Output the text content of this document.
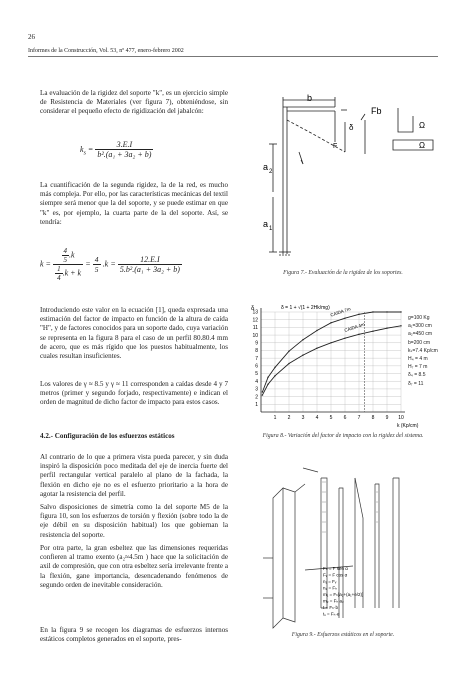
26
Informes de la Construcción, Vol. 53, nº 477, enero-febrero 2002

La evaluación de la rigidez del soporte "k", es un ejercicio simple de Resistencia de Materiales (ver figura 7), obteniéndose, sin considerar el pequeño efecto de rigidización del jabalcón:

$k_s = \frac{3.E.I}{\text{b².(a₁ + 3a₂ + b)}}$

La cuantificación de la segunda rigidez, la de la red, es mucho más compleja. Por ello, por las características mecánicas del textil siempre será menor que la del soporte, y se puede estimar en que "k" es, por ejemplo, la cuarta parte de la del soporte. Así, se tendría:

$k = \frac{\frac{4}{5} .k}{\frac{1}{4} .k + k} = \frac{4}{5} .k = \frac{12.E.I}{\text{5.b².(a₁ + 3a₂ + b)}}$

Introduciendo este valor en la ecuación [1], queda expresada una estimación del factor de impacto en función de la altura de caída "H", y de factores conocidos para un soporte dado, cuya variación se representa en la figura 8 para el caso de un perfil 80.80.4 mm de acero, que es más rígido que los puestos habitualmente, los cuales resultan insuficientes.

Los valores de γ ≈ 8.5 y γ ≈ 11 corresponden a caídas desde 4 y 7 metros (primer y segundo forjado, respectivamente) e indican el orden de magnitud de dicho factor de impacto para estos casos.

4.2.- Configuración de los esfuerzos estáticos

Al contrario de lo que a primera vista pueda parecer, y sin duda inspiró la disposición poco meditada del eje de inercia fuerte del perfil rectangular vertical paralelo al plano de la fachada, la flexión en dicho eje no es el esfuerzo prioritario a la hora de agotar la resistencia del perfil.

Salvo disposiciones de simetría como la del soporte M5 de la figura 10, son los esfuerzos de torsión y flexión (sobre todo la de eje débil en su disposición habitual) los que gobiernan la resistencia del soporte.

Por otra parte, la gran esbeltez que las dimensiones requeridas confieren al tramo exento (a₂≈4.5m ) hace que la solicitación de axil de compresión, que con otra esbeltez sería irrelevante frente a la flexión, gane importancia, desencadenando fenómenos de segundo orden de inevitable consideración.

En la figura 9 se recogen los diagramas de esfuerzos internos estáticos completos generados en el soporte, pres-

b
a 2
a 1
F
δ
Fb
Ω
Ω
Figura 7.- Evaluación de la rigidez de los soportes.
1 2 3 4 5 6 7 8 9 10
1
2
3
4
5
6
7
8
9
10
11
12
13
δ
k (Kp/cm)
δ = 1 + √(1 + 2Hk/mg) CAIDA 7m
CAIDA 4m
g=100 Kg
a₁=300 cm
a₂=450 cm
b=200 cm
kₛ=7.4 Kp/cm
H₄ = 4 m
H₇ = 7 m
δ₄ = 8.5
δ₇ = 11
Figura 8.- Variación del factor de impacto con la rigidez del sistema.
Fₕ = F sen α
Fᵥ = F cos α
n₁ = Fᵥ
n₂ = Fₕ
m₁ = Fₕ[a₂+(a₁+e/2)]
m₂ = Fₕ a₂
t = Fₕ·b
t₁ = Fₕ·e
Figura 9.- Esfuerzos estáticos en el soporte.
